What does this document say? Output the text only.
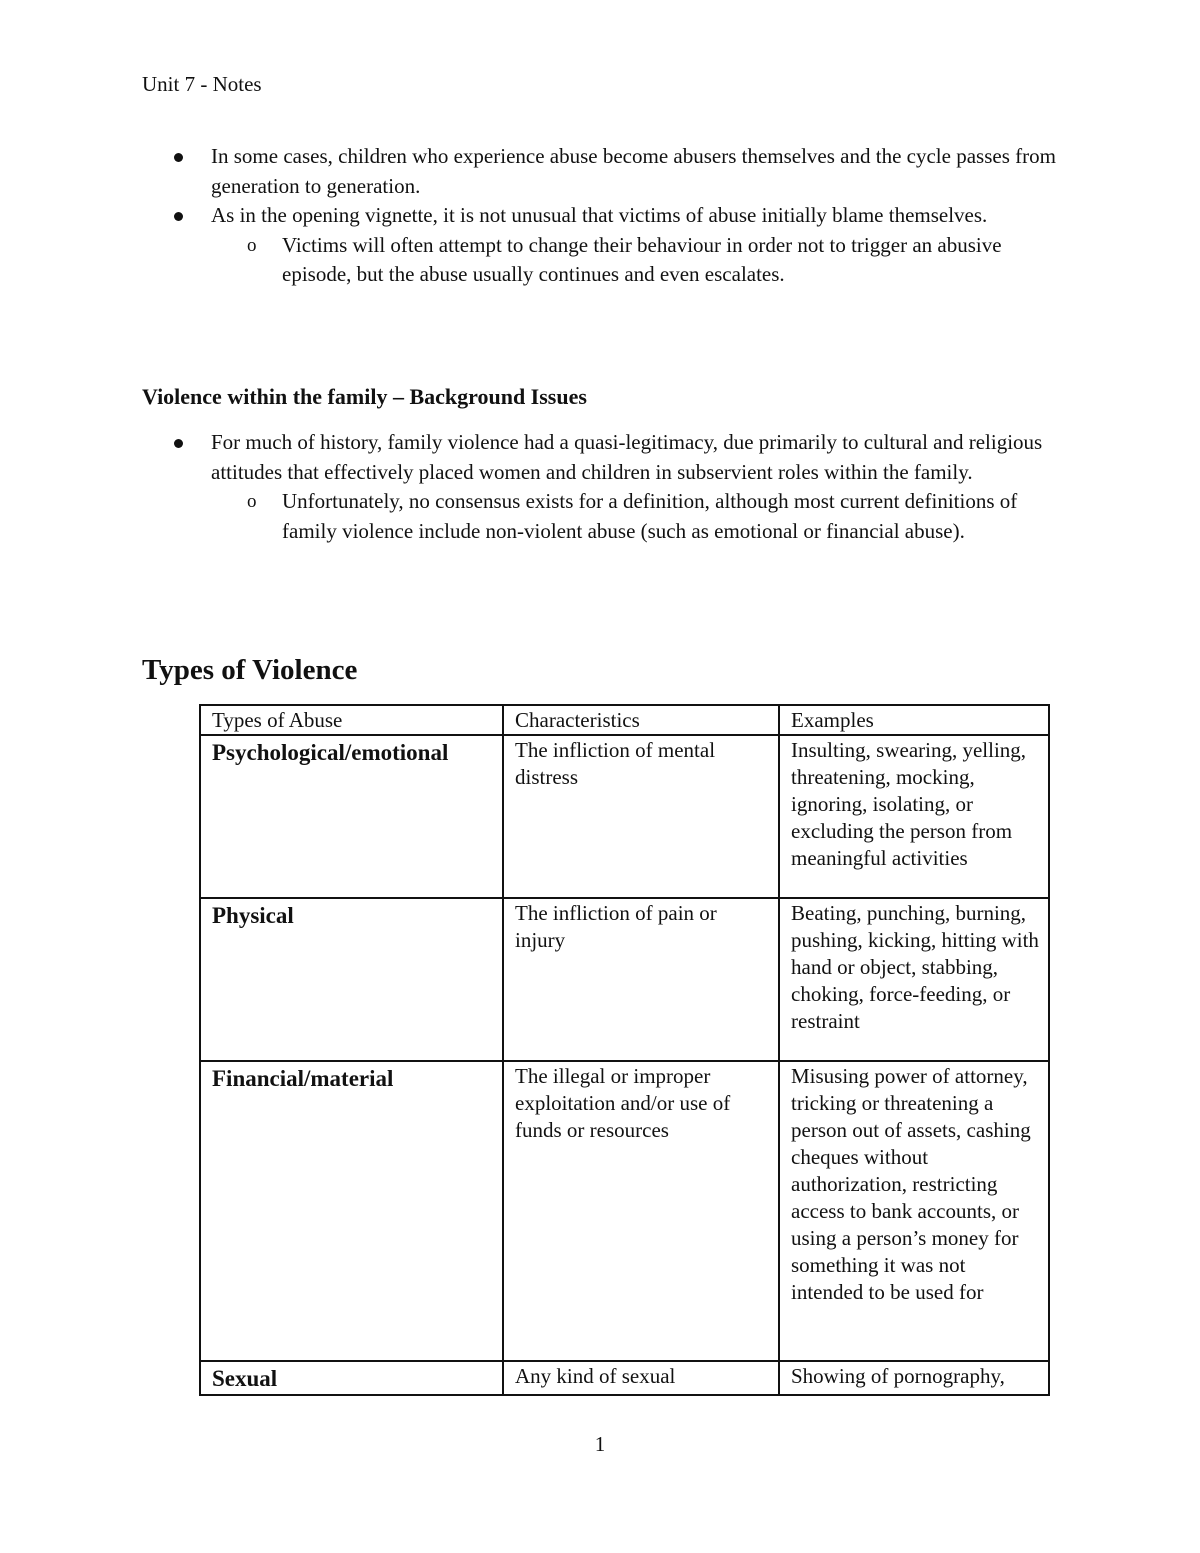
Unit 7 - Notes
In some cases, children who experience abuse become abusers themselves and the cycle passes from generation to generation.
As in the opening vignette, it is not unusual that victims of abuse initially blame themselves.
o Victims will often attempt to change their behaviour in order not to trigger an abusive episode, but the abuse usually continues and even escalates.
Violence within the family – Background Issues
For much of history, family violence had a quasi-legitimacy, due primarily to cultural and religious attitudes that effectively placed women and children in subservient roles within the family.
o Unfortunately, no consensus exists for a definition, although most current definitions of family violence include non-violent abuse (such as emotional or financial abuse).
Types of Violence
Types of Abuse	Characteristics	Examples
Psychological/emotional	The infliction of mental distress	Insulting, swearing, yelling, threatening, mocking, ignoring, isolating, or excluding the person from meaningful activities
Physical	The infliction of pain or injury	Beating, punching, burning, pushing, kicking, hitting with hand or object, stabbing, choking, force-feeding, or restraint
Financial/material	The illegal or improper exploitation and/or use of funds or resources	Misusing power of attorney, tricking or threatening a person out of assets, cashing cheques without authorization, restricting access to bank accounts, or using a person’s money for something it was not intended to be used for
Sexual	Any kind of sexual	Showing of pornography,
1
